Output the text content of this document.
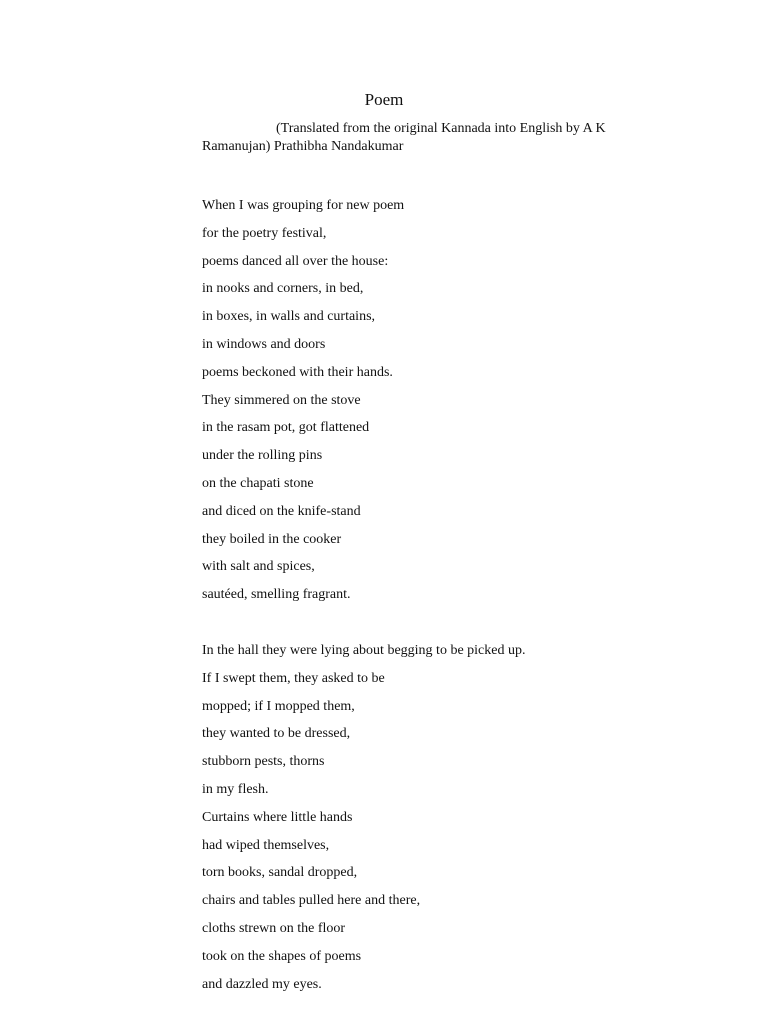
Poem

(Translated from the original Kannada into English by A K Ramanujan) Prathibha Nandakumar

When I was grouping for new poem
for the poetry festival,
poems danced all over the house:
in nooks and corners, in bed,
in boxes, in walls and curtains,
in windows and doors
poems beckoned with their hands.
They simmered on the stove
in the rasam pot, got flattened
under the rolling pins
on the chapati stone
and diced on the knife-stand
they boiled in the cooker
with salt and spices,
sautéed, smelling fragrant.
In the hall they were lying about begging to be picked up.
If I swept them, they asked to be
mopped; if I mopped them,
they wanted to be dressed,
stubborn pests, thorns
in my flesh.
Curtains where little hands
had wiped themselves,
torn books, sandal dropped,
chairs and tables pulled here and there,
cloths strewn on the floor
took on the shapes of poems
and dazzled my eyes.
